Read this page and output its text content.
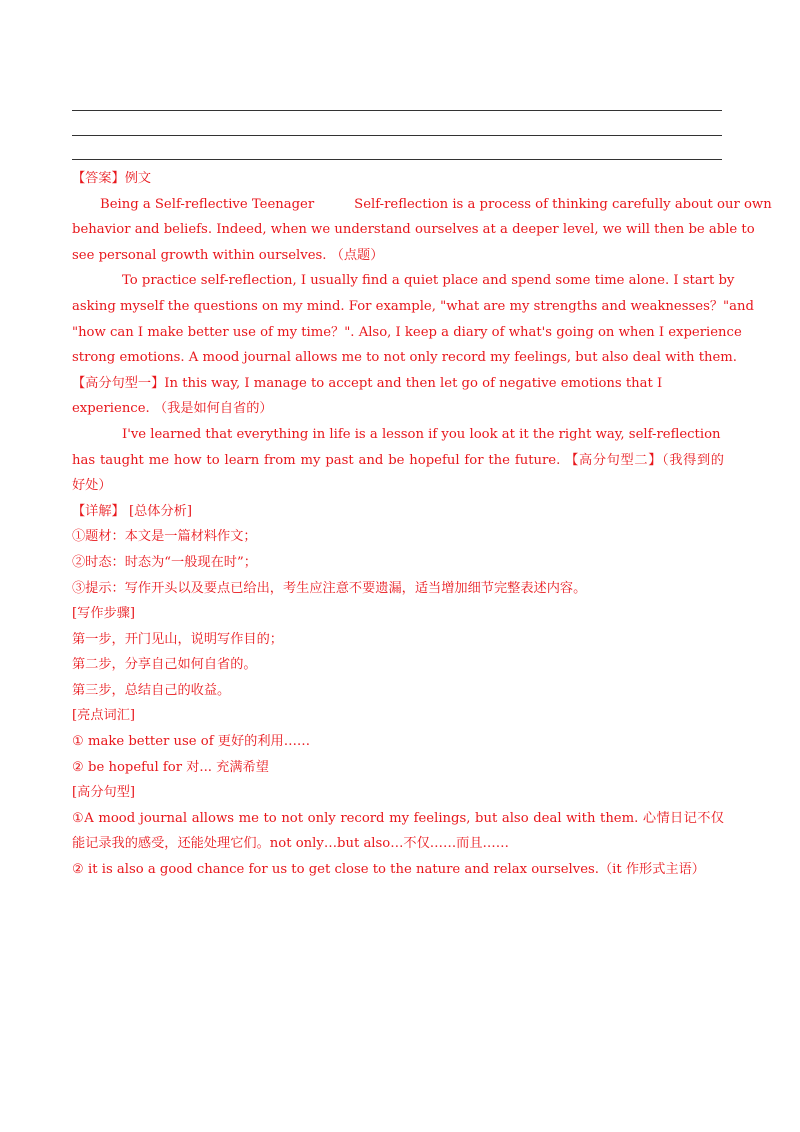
【答案】例文
Being a Self-reflective Teenager	Self-reflection is a process of thinking carefully about our own
behavior and beliefs. Indeed, when we understand ourselves at a deeper level, we will then be able to
see personal growth within ourselves. （点题）
To practice self-reflection, I usually find a quiet place and spend some time alone. I start by
asking myself the questions on my mind. For example, "what are my strengths and weaknesses？"and
"how can I make better use of my time？". Also, I keep a diary of what's going on when I experience
strong emotions. A mood journal allows me to not only record my feelings, but also deal with them.
【高分句型一】In this way, I manage to accept and then let go of negative emotions that I
experience. （我是如何自省的）
I've learned that everything in life is a lesson if you look at it the right way, self-reflection
has taught me how to learn from my past and be hopeful for the future. 【高分句型二】（我得到的
好处）
【详解】 [总体分析]
①题材：本文是一篇材料作文；
②时态：时态为“一般现在时”；
③提示：写作开头以及要点已给出，考生应注意不要遗漏，适当增加细节完整表述内容。
[写作步骤]
第一步，开门见山，说明写作目的；
第二步，分享自己如何自省的。
第三步，总结自己的收益。
[亮点词汇]
① make better use of 更好的利用……
② be hopeful for 对... 充满希望
[高分句型]
①A mood journal allows me to not only record my feelings, but also deal with them. 心情日记不仅
能记录我的感受，还能处理它们。not only…but also…不仅……而且……
② it is also a good chance for us to get close to the nature and relax ourselves.（it 作形式主语）
